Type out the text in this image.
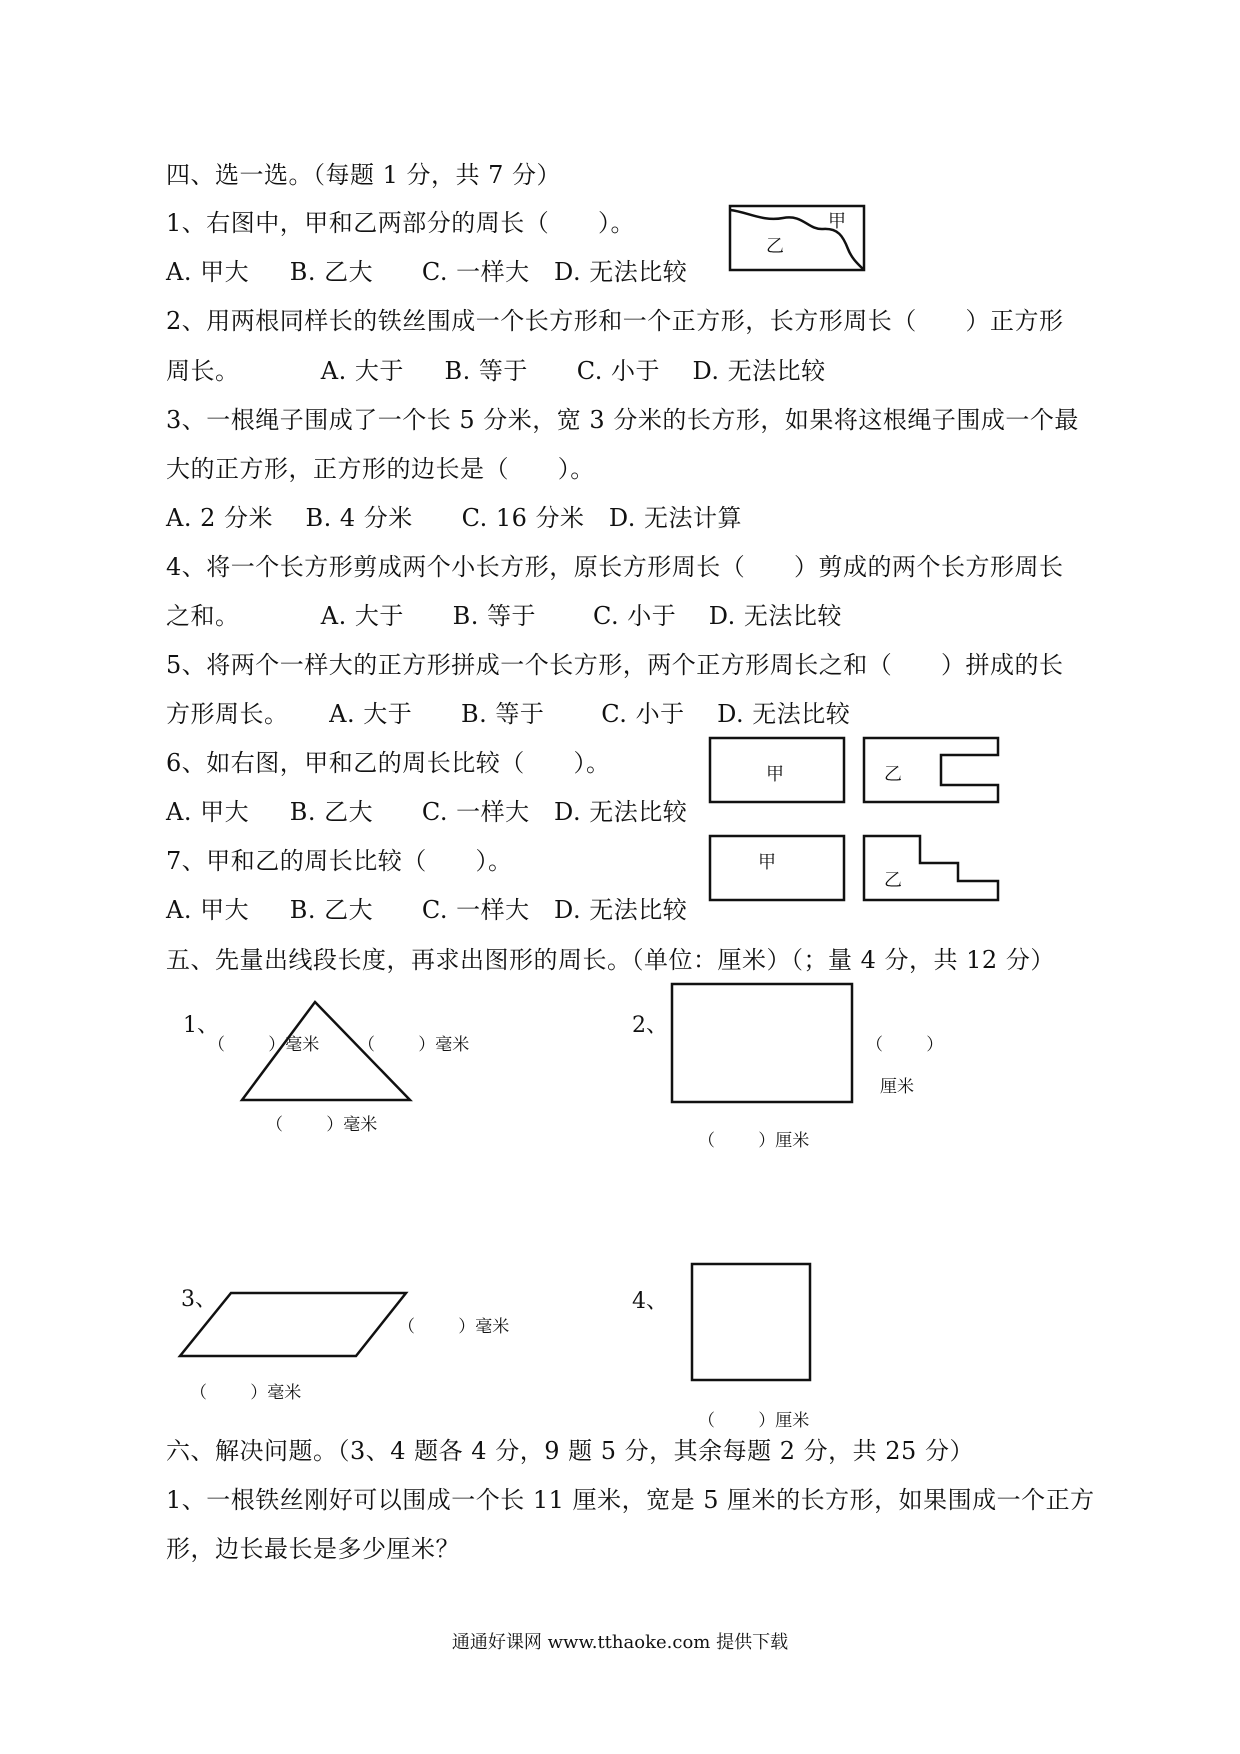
四、选一选。（每题 1 分，共 7 分）
1、右图中，甲和乙两部分的周长（      ）。
A. 甲大     B. 乙大      C. 一样大   D. 无法比较
甲
乙
2、用两根同样长的铁丝围成一个长方形和一个正方形，长方形周长（      ）正方形
周长。          A. 大于     B. 等于      C. 小于    D. 无法比较
3、一根绳子围成了一个长 5 分米，宽 3 分米的长方形，如果将这根绳子围成一个最
大的正方形，正方形的边长是（      ）。
A. 2 分米    B. 4 分米      C. 16 分米   D. 无法计算
4、将一个长方形剪成两个小长方形，原长方形周长（      ）剪成的两个长方形周长
之和。          A. 大于      B. 等于       C. 小于    D. 无法比较
5、将两个一样大的正方形拼成一个长方形，两个正方形周长之和（      ）拼成的长
方形周长。     A. 大于      B. 等于       C. 小于    D. 无法比较
6、如右图，甲和乙的周长比较（      ）。
A. 甲大     B. 乙大      C. 一样大   D. 无法比较
甲	乙
7、甲和乙的周长比较（      ）。
A. 甲大     B. 乙大      C. 一样大   D. 无法比较
甲
乙
五、先量出线段长度，再求出图形的周长。（单位：厘米）（；量 4 分，共 12 分）
1、
（        ）毫米 （        ）毫米
（        ）毫米
2、
（        ）
厘米
（        ）厘米
3、
（        ）毫米
（        ）毫米
4、
（        ）厘米
六、解决问题。（3、4 题各 4 分，9 题 5 分，其余每题 2 分，共 25 分）
1、一根铁丝刚好可以围成一个长 11 厘米，宽是 5 厘米的长方形，如果围成一个正方
形，边长最长是多少厘米？
通通好课网 www.tthaoke.com 提供下载
